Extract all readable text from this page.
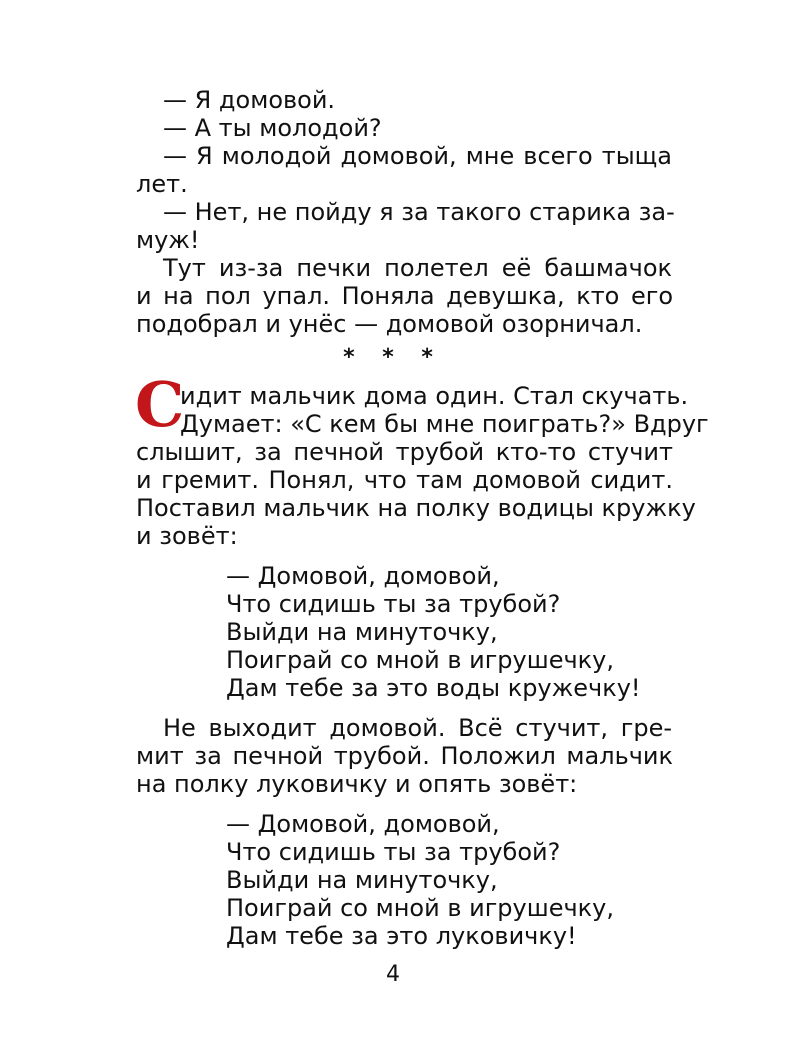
— Я домовой.
— А ты молодой?
— Я молодой домовой, мне всего тыща
лет.
— Нет, не пойду я за такого старика за-
муж!
Тут из-за печки полетел её башмачок
и на пол упал. Поняла девушка, кто его
подобрал и унёс — домовой озорничал.
* * *
С
идит мальчик дома один. Стал скучать.
Думает: «С кем бы мне поиграть?» Вдруг
слышит, за печной трубой кто-то стучит
и гремит. Понял, что там домовой сидит.
Поставил мальчик на полку водицы кружку
и зовёт:
— Домовой, домовой,
Что сидишь ты за трубой?
Выйди на минуточку,
Поиграй со мной в игрушечку,
Дам тебе за это воды кружечку!
Не выходит домовой. Всё стучит, гре-
мит за печной трубой. Положил мальчик
на полку луковичку и опять зовёт:
— Домовой, домовой,
Что сидишь ты за трубой?
Выйди на минуточку,
Поиграй со мной в игрушечку,
Дам тебе за это луковичку!
4
